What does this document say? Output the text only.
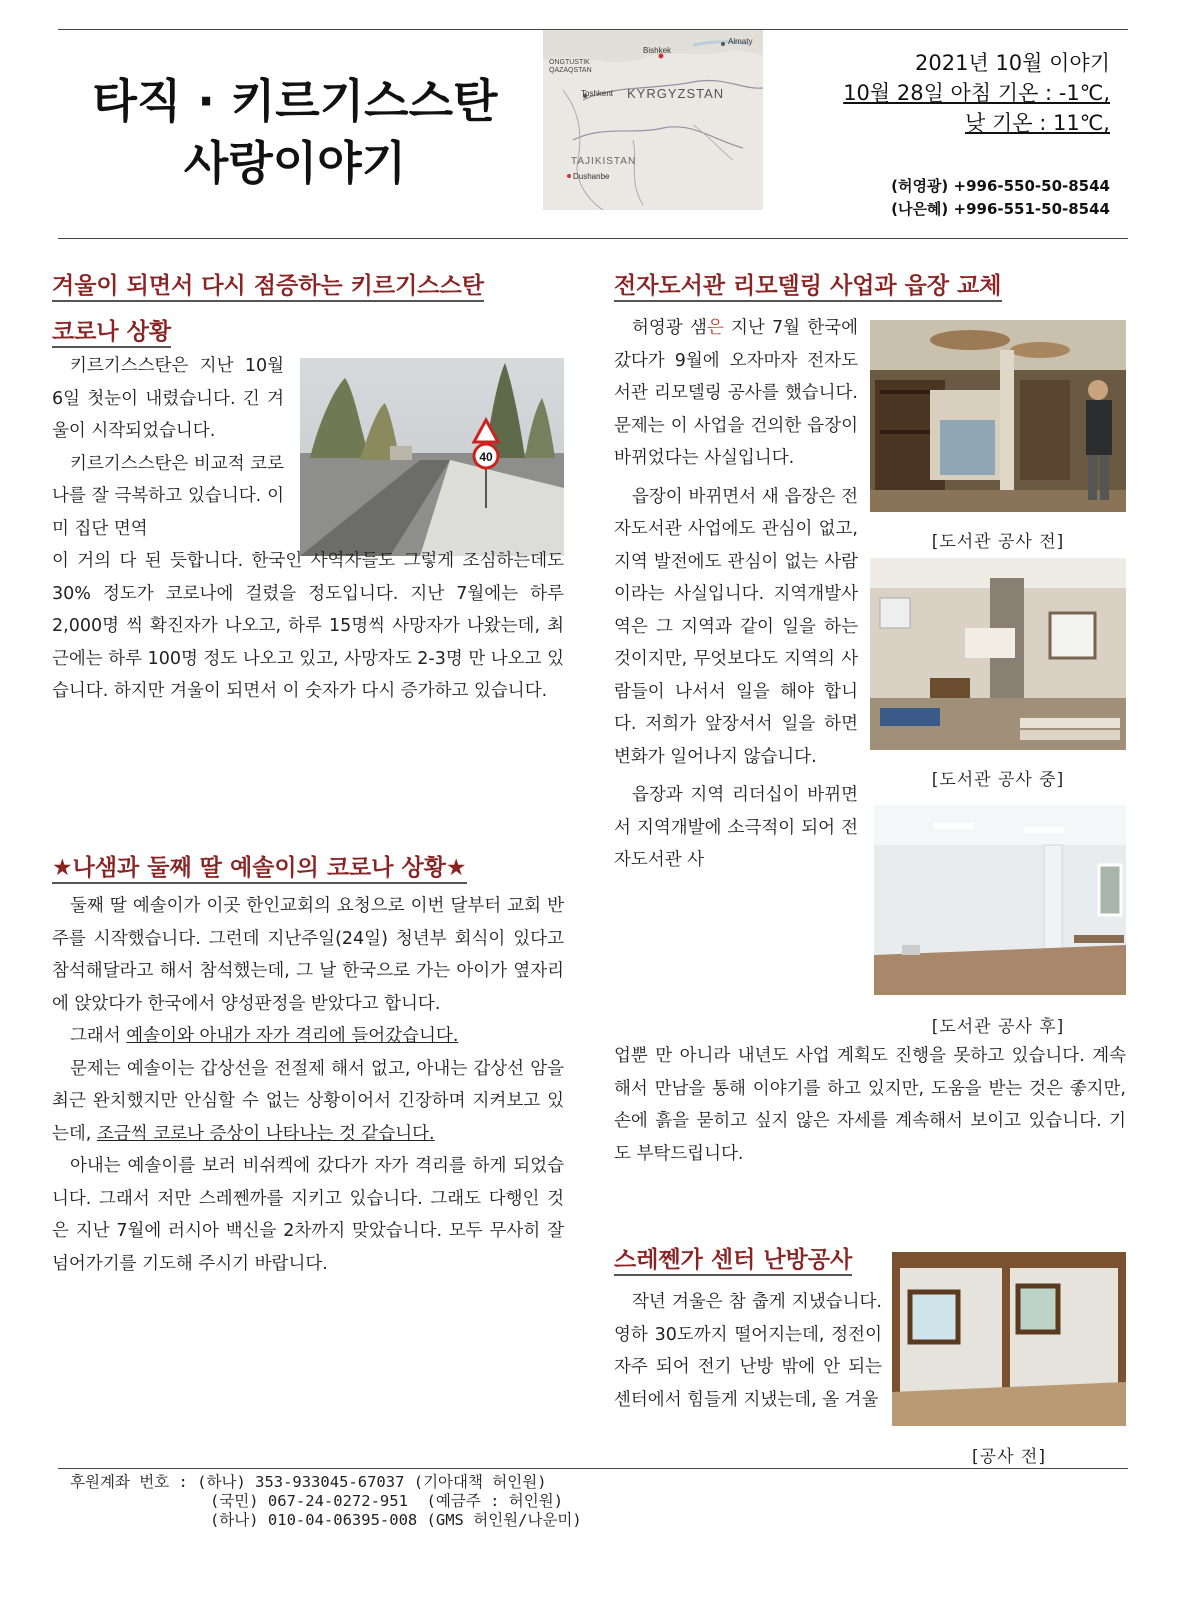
타직 · 키르기스스탄
사랑이야기
Bishkek
Almaty
ONGTUSTIK
QAZAQSTAN
Toshkent KYRGYZSTAN
TAJIKISTAN
Dushanbe
2021년 10월 이야기
10월 28일 아침 기온 : -1℃,
낮 기온 : 11℃,
(허영광) +996-550-50-8544
(나은혜) +996-551-50-8544
겨울이 되면서 다시 점증하는 키르기스스탄
코로나 상황
40

키르기스스탄은 지난 10월 6일 첫눈이 내렸습니다. 긴 겨울이 시작되었습니다.

키르기스스탄은 비교적 코로나를 잘 극복하고 있습니다. 이미 집단 면역

이 거의 다 된 듯합니다. 한국인 사역자들도 그렇게 조심하는데도 30% 정도가 코로나에 걸렸을 정도입니다. 지난 7월에는 하루 2,000명 씩 확진자가 나오고, 하루 15명씩 사망자가 나왔는데, 최근에는 하루 100명 정도 나오고 있고, 사망자도 2-3명 만 나오고 있습니다. 하지만 겨울이 되면서 이 숫자가 다시 증가하고 있습니다.

★나샘과 둘째 딸 예솔이의 코로나 상황★

둘째 딸 예솔이가 이곳 한인교회의 요청으로 이번 달부터 교회 반주를 시작했습니다. 그런데 지난주일(24일) 청년부 회식이 있다고 참석해달라고 해서 참석했는데, 그 날 한국으로 가는 아이가 옆자리에 앉았다가 한국에서 양성판정을 받았다고 합니다.

그래서 예솔이와 아내가 자가 격리에 들어갔습니다.

문제는 예솔이는 갑상선을 전절제 해서 없고, 아내는 갑상선 암을 최근 완치했지만 안심할 수 없는 상황이어서 긴장하며 지켜보고 있는데, 조금씩 코로나 증상이 나타나는 것 같습니다.

아내는 예솔이를 보러 비쉬켁에 갔다가 자가 격리를 하게 되었습니다. 그래서 저만 스레쩬까를 지키고 있습니다. 그래도 다행인 것은 지난 7월에 러시아 백신을 2차까지 맞았습니다. 모두 무사히 잘 넘어가기를 기도해 주시기 바랍니다.

전자도서관 리모델링 사업과 읍장 교체
[도서관 공사 전]
[도서관 공사 중]
[도서관 공사 후]

허영광 샘은 지난 7월 한국에 갔다가 9월에 오자마자 전자도서관 리모델링 공사를 했습니다. 문제는 이 사업을 건의한 읍장이 바뀌었다는 사실입니다.

읍장이 바뀌면서 새 읍장은 전자도서관 사업에도 관심이 없고, 지역 발전에도 관심이 없는 사람이라는 사실입니다. 지역개발사역은 그 지역과 같이 일을 하는 것이지만, 무엇보다도 지역의 사람들이 나서서 일을 해야 합니다. 저희가 앞장서서 일을 하면 변화가 일어나지 않습니다.

읍장과 지역 리더십이 바뀌면서 지역개발에 소극적이 되어 전자도서관 사

업뿐 만 아니라 내년도 사업 계획도 진행을 못하고 있습니다. 계속해서 만남을 통해 이야기를 하고 있지만, 도움을 받는 것은 좋지만, 손에 흙을 묻히고 싶지 않은 자세를 계속해서 보이고 있습니다. 기도 부탁드립니다.

스레쩬가 센터 난방공사

작년 겨울은 참 춥게 지냈습니다. 영하 30도까지 떨어지는데, 정전이 자주 되어 전기 난방 밖에 안 되는 센터에서 힘들게 지냈는데, 올 겨울

[공사 전]
후원계좌 번호 : (하나) 353-933045-67037 (기아대책 허인원)
(국민) 067-24-0272-951  (예금주 : 허인원)
(하나) 010-04-06395-008 (GMS 허인원/나운미)
